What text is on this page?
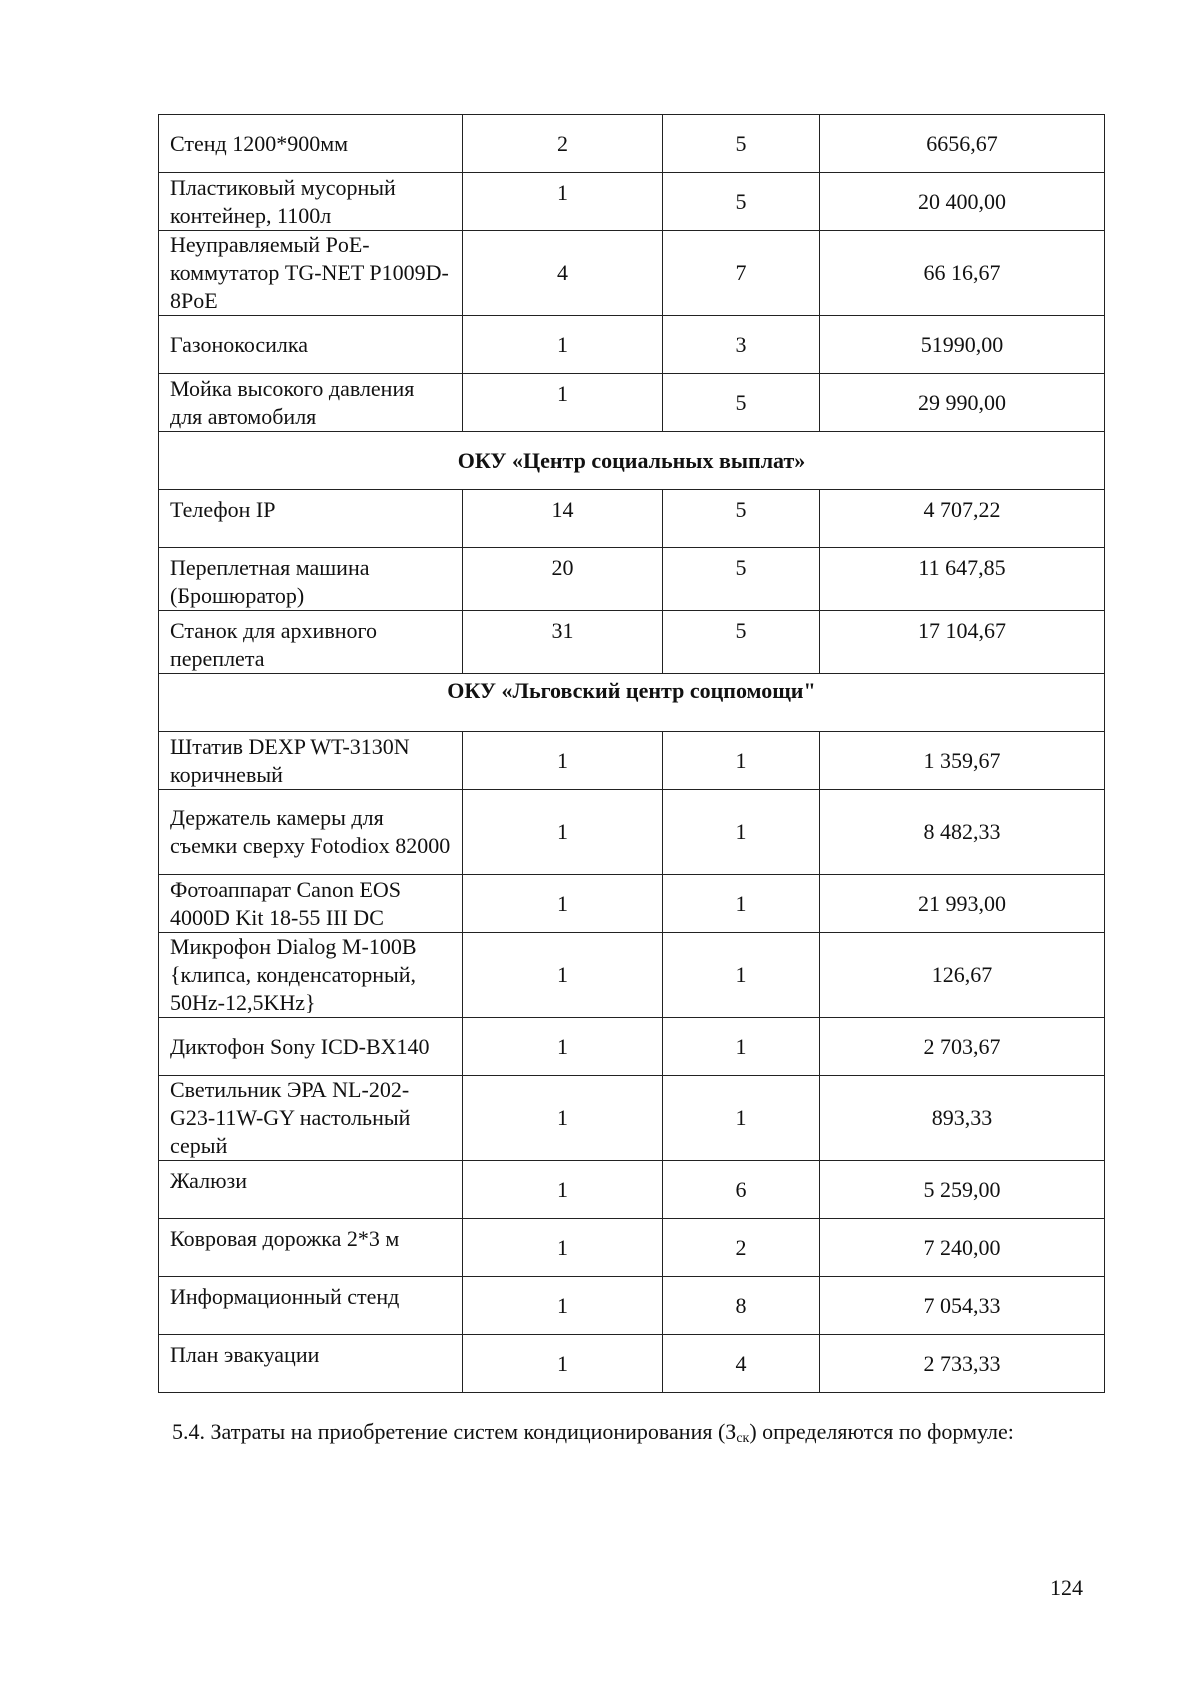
Стенд 1200*900мм	2	5	6656,67
Пластиковый мусорный контейнер, 1100л	1	5	20 400,00
Неуправляемый PoE-коммутатор TG-NET P1009D-8PoE	4	7	66 16,67
Газонокосилка	1	3	51990,00
Мойка высокого давления для автомобиля	1	5	29 990,00
ОКУ «Центр социальных выплат»			
Телефон IP	14	5	4 707,22
Переплетная машина (Брошюратор)	20	5	11 647,85
Станок для архивного переплета	31	5	17 104,67
ОКУ «Льговский центр соцпомощи"			
Штатив DEXP WT-3130N коричневый	1	1	1 359,67
Держатель камеры для съемки сверху Fotodiox 82000	1	1	8 482,33
Фотоаппарат Canon EOS 4000D Kit 18-55 III DC	1	1	21 993,00
Микрофон Dialog M-100B {клипса, конденсаторный, 50Hz-12,5KHz}	1	1	126,67
Диктофон Sony ICD-BX140	1	1	2 703,67
Светильник ЭРА NL-202-G23-11W-GY настольный серый	1	1	893,33
Жалюзи	1	6	5 259,00
Ковровая дорожка 2*3 м	1	2	7 240,00
Информационный стенд	1	8	7 054,33
План эвакуации	1	4	2 733,33
5.4. Затраты на приобретение систем кондиционирования $(З_{ск})$ определяются по формуле:
124
